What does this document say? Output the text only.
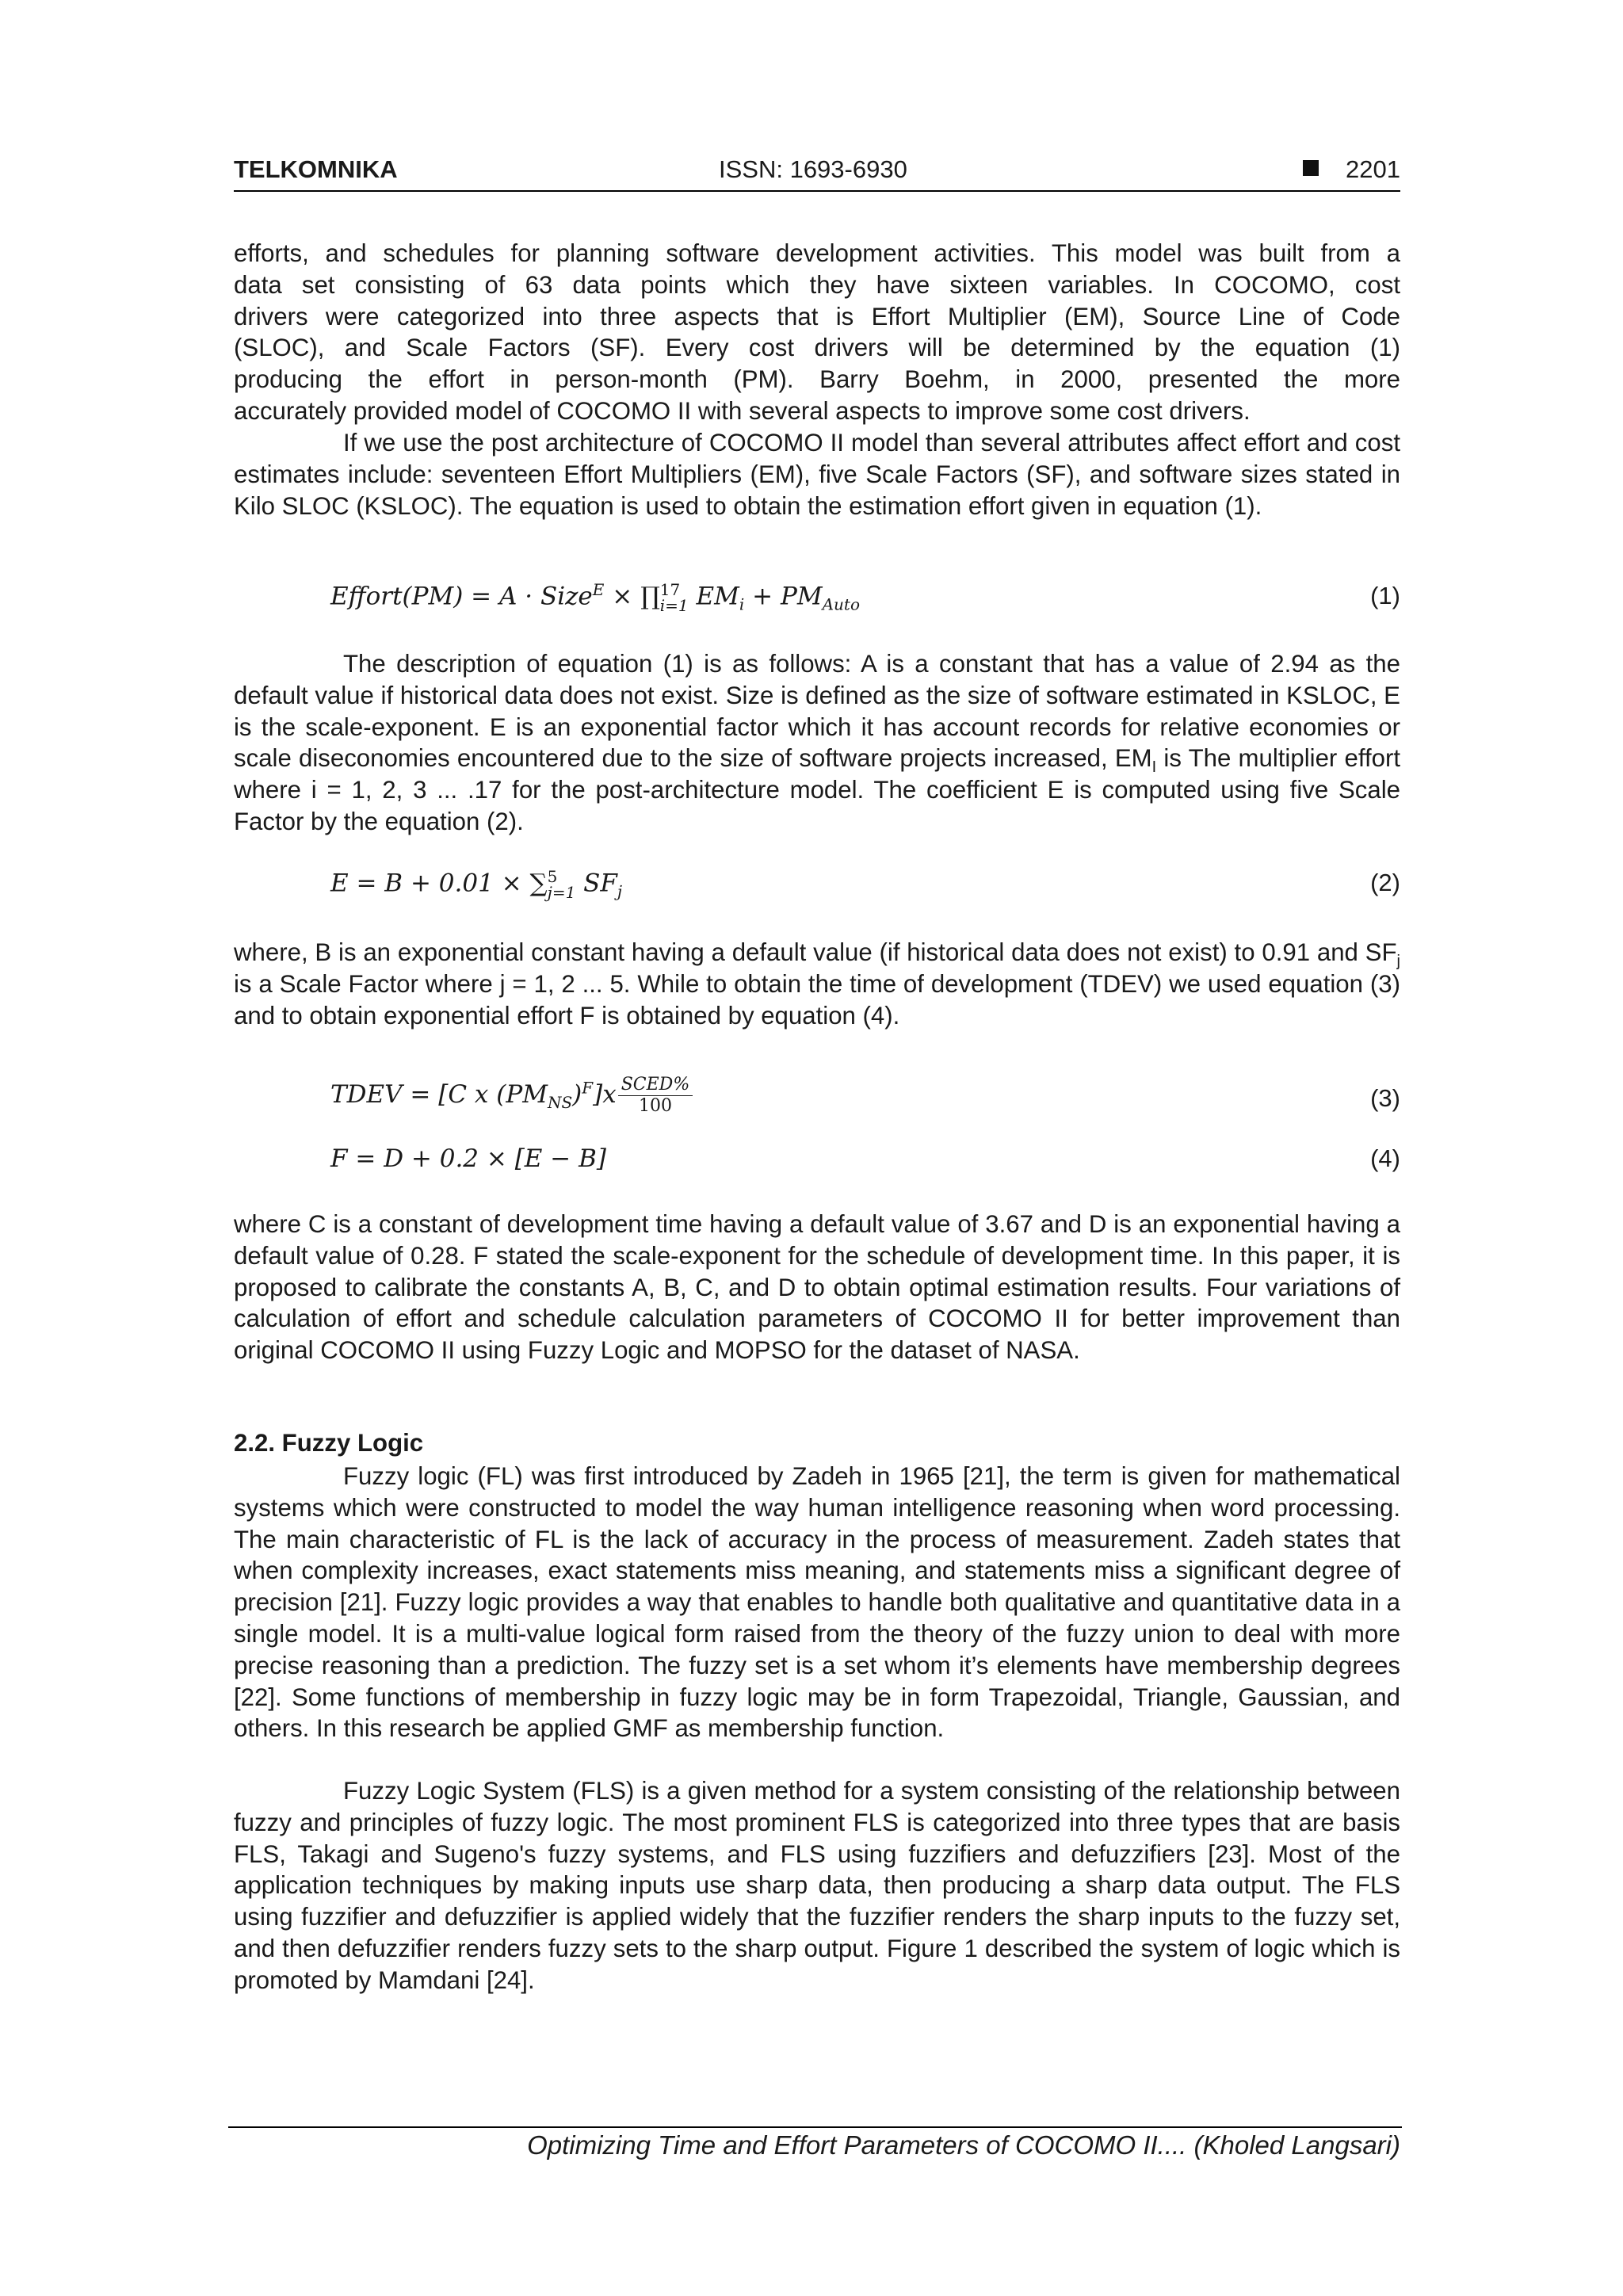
TELKOMNIKA	ISSN: 1693-6930	2201

efforts, and schedules for planning software development activities. This model was built from a

data set consisting of 63 data points which they have sixteen variables. In COCOMO, cost

drivers were categorized into three aspects that is Effort Multiplier (EM), Source Line of Code

(SLOC), and Scale Factors (SF). Every cost drivers will be determined by the equation (1)

producing the effort in person-month (PM). Barry Boehm, in 2000, presented the more

accurately provided model of COCOMO II with several aspects to improve some cost drivers.

If we use the post architecture of COCOMO II model than several attributes affect effort and cost estimates include: seventeen Effort Multipliers (EM), five Scale Factors (SF), and software sizes stated in Kilo SLOC (KSLOC). The equation is used to obtain the estimation effort given in equation (1).

Effort(PM) = A · Size$^E$ × ∏ 17
i=1 $EM_i + PM_{Auto}$	(1)

The description of equation (1) is as follows: A is a constant that has a value of 2.94 as the default value if historical data does not exist. Size is defined as the size of software estimated in KSLOC, E is the scale-exponent. E is an exponential factor which it has account records for relative economies or scale diseconomies encountered due to the size of software projects increased, $EM_I$ is The multiplier effort where i = 1, 2, 3 ... .17 for the post-architecture model. The coefficient E is computed using five Scale Factor by the equation (2).

E = B + 0.01 × ∑ 5
j=1 $SF_j$	(2)

where, B is an exponential constant having a default value (if historical data does not exist) to 0.91 and $SF_j$ is a Scale Factor where j = 1, 2 ... 5. While to obtain the time of development (TDEV) we used equation (3) and to obtain exponential effort F is obtained by equation (4).

TDEV = [C x $(PM_{NS})^F]x \frac{\text{SCED\%}}{100}$	(3)
F = D + 0.2 × [E − B]	(4)

where C is a constant of development time having a default value of 3.67 and D is an exponential having a default value of 0.28. F stated the scale-exponent for the schedule of development time. In this paper, it is proposed to calibrate the constants A, B, C, and D to obtain optimal estimation results. Four variations of calculation of effort and schedule calculation parameters of COCOMO II for better improvement than original COCOMO II using Fuzzy Logic and MOPSO for the dataset of NASA.

2.2. Fuzzy Logic

Fuzzy logic (FL) was first introduced by Zadeh in 1965 [21], the term is given for mathematical systems which were constructed to model the way human intelligence reasoning when word processing. The main characteristic of FL is the lack of accuracy in the process of measurement. Zadeh states that when complexity increases, exact statements miss meaning, and statements miss a significant degree of precision [21]. Fuzzy logic provides a way that enables to handle both qualitative and quantitative data in a single model. It is a multi-value logical form raised from the theory of the fuzzy union to deal with more precise reasoning than a prediction. The fuzzy set is a set whom it’s elements have membership degrees [22]. Some functions of membership in fuzzy logic may be in form Trapezoidal, Triangle, Gaussian, and others. In this research be applied GMF as membership function.

Fuzzy Logic System (FLS) is a given method for a system consisting of the relationship between fuzzy and principles of fuzzy logic. The most prominent FLS is categorized into three types that are basis FLS, Takagi and Sugeno's fuzzy systems, and FLS using fuzzifiers and defuzzifiers [23]. Most of the application techniques by making inputs use sharp data, then producing a sharp data output. The FLS using fuzzifier and defuzzifier is applied widely that the fuzzifier renders the sharp inputs to the fuzzy set, and then defuzzifier renders fuzzy sets to the sharp output. Figure 1 described the system of logic which is promoted by Mamdani [24].

Optimizing Time and Effort Parameters of COCOMO II.... (Kholed Langsari)
